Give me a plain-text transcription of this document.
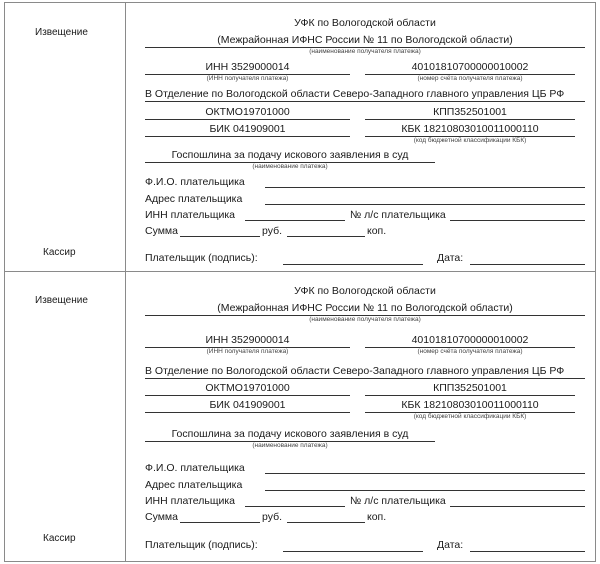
Извещение
Кассир
УФК по Вологодской области
(Межрайонная ИФНС России № 11 по Вологодской области)
(наименование получателя платежа)
ИНН 3529000014
(ИНН получателя платежа)
40101810700000010002
(номер счёта получателя платежа)
В Отделение по Вологодской области Северо-Западного главного управления ЦБ РФ
ОКТМО19701000	КПП352501001
БИК 041909001	КБК 18210803010011000110
(код бюджетной классификации КБК)
Госпошлина за подачу искового заявления в суд
(наименование платежа)
Ф.И.О. плательщика
Адрес плательщика
ИНН плательщика	№ л/с плательщика
Сумма	руб.	коп.
Плательщик (подпись):	Дата:
Извещение
Кассир
УФК по Вологодской области
(Межрайонная ИФНС России № 11 по Вологодской области)
(наименование получателя платежа)
ИНН 3529000014
(ИНН получателя платежа)
40101810700000010002
(номер счёта получателя платежа)
В Отделение по Вологодской области Северо-Западного главного управления ЦБ РФ
ОКТМО19701000	КПП352501001
БИК 041909001	КБК 18210803010011000110
(код бюджетной классификации КБК)
Госпошлина за подачу искового заявления в суд
(наименование платежа)
Ф.И.О. плательщика
Адрес плательщика
ИНН плательщика	№ л/с плательщика
Сумма	руб.	коп.
Плательщик (подпись):	Дата:
